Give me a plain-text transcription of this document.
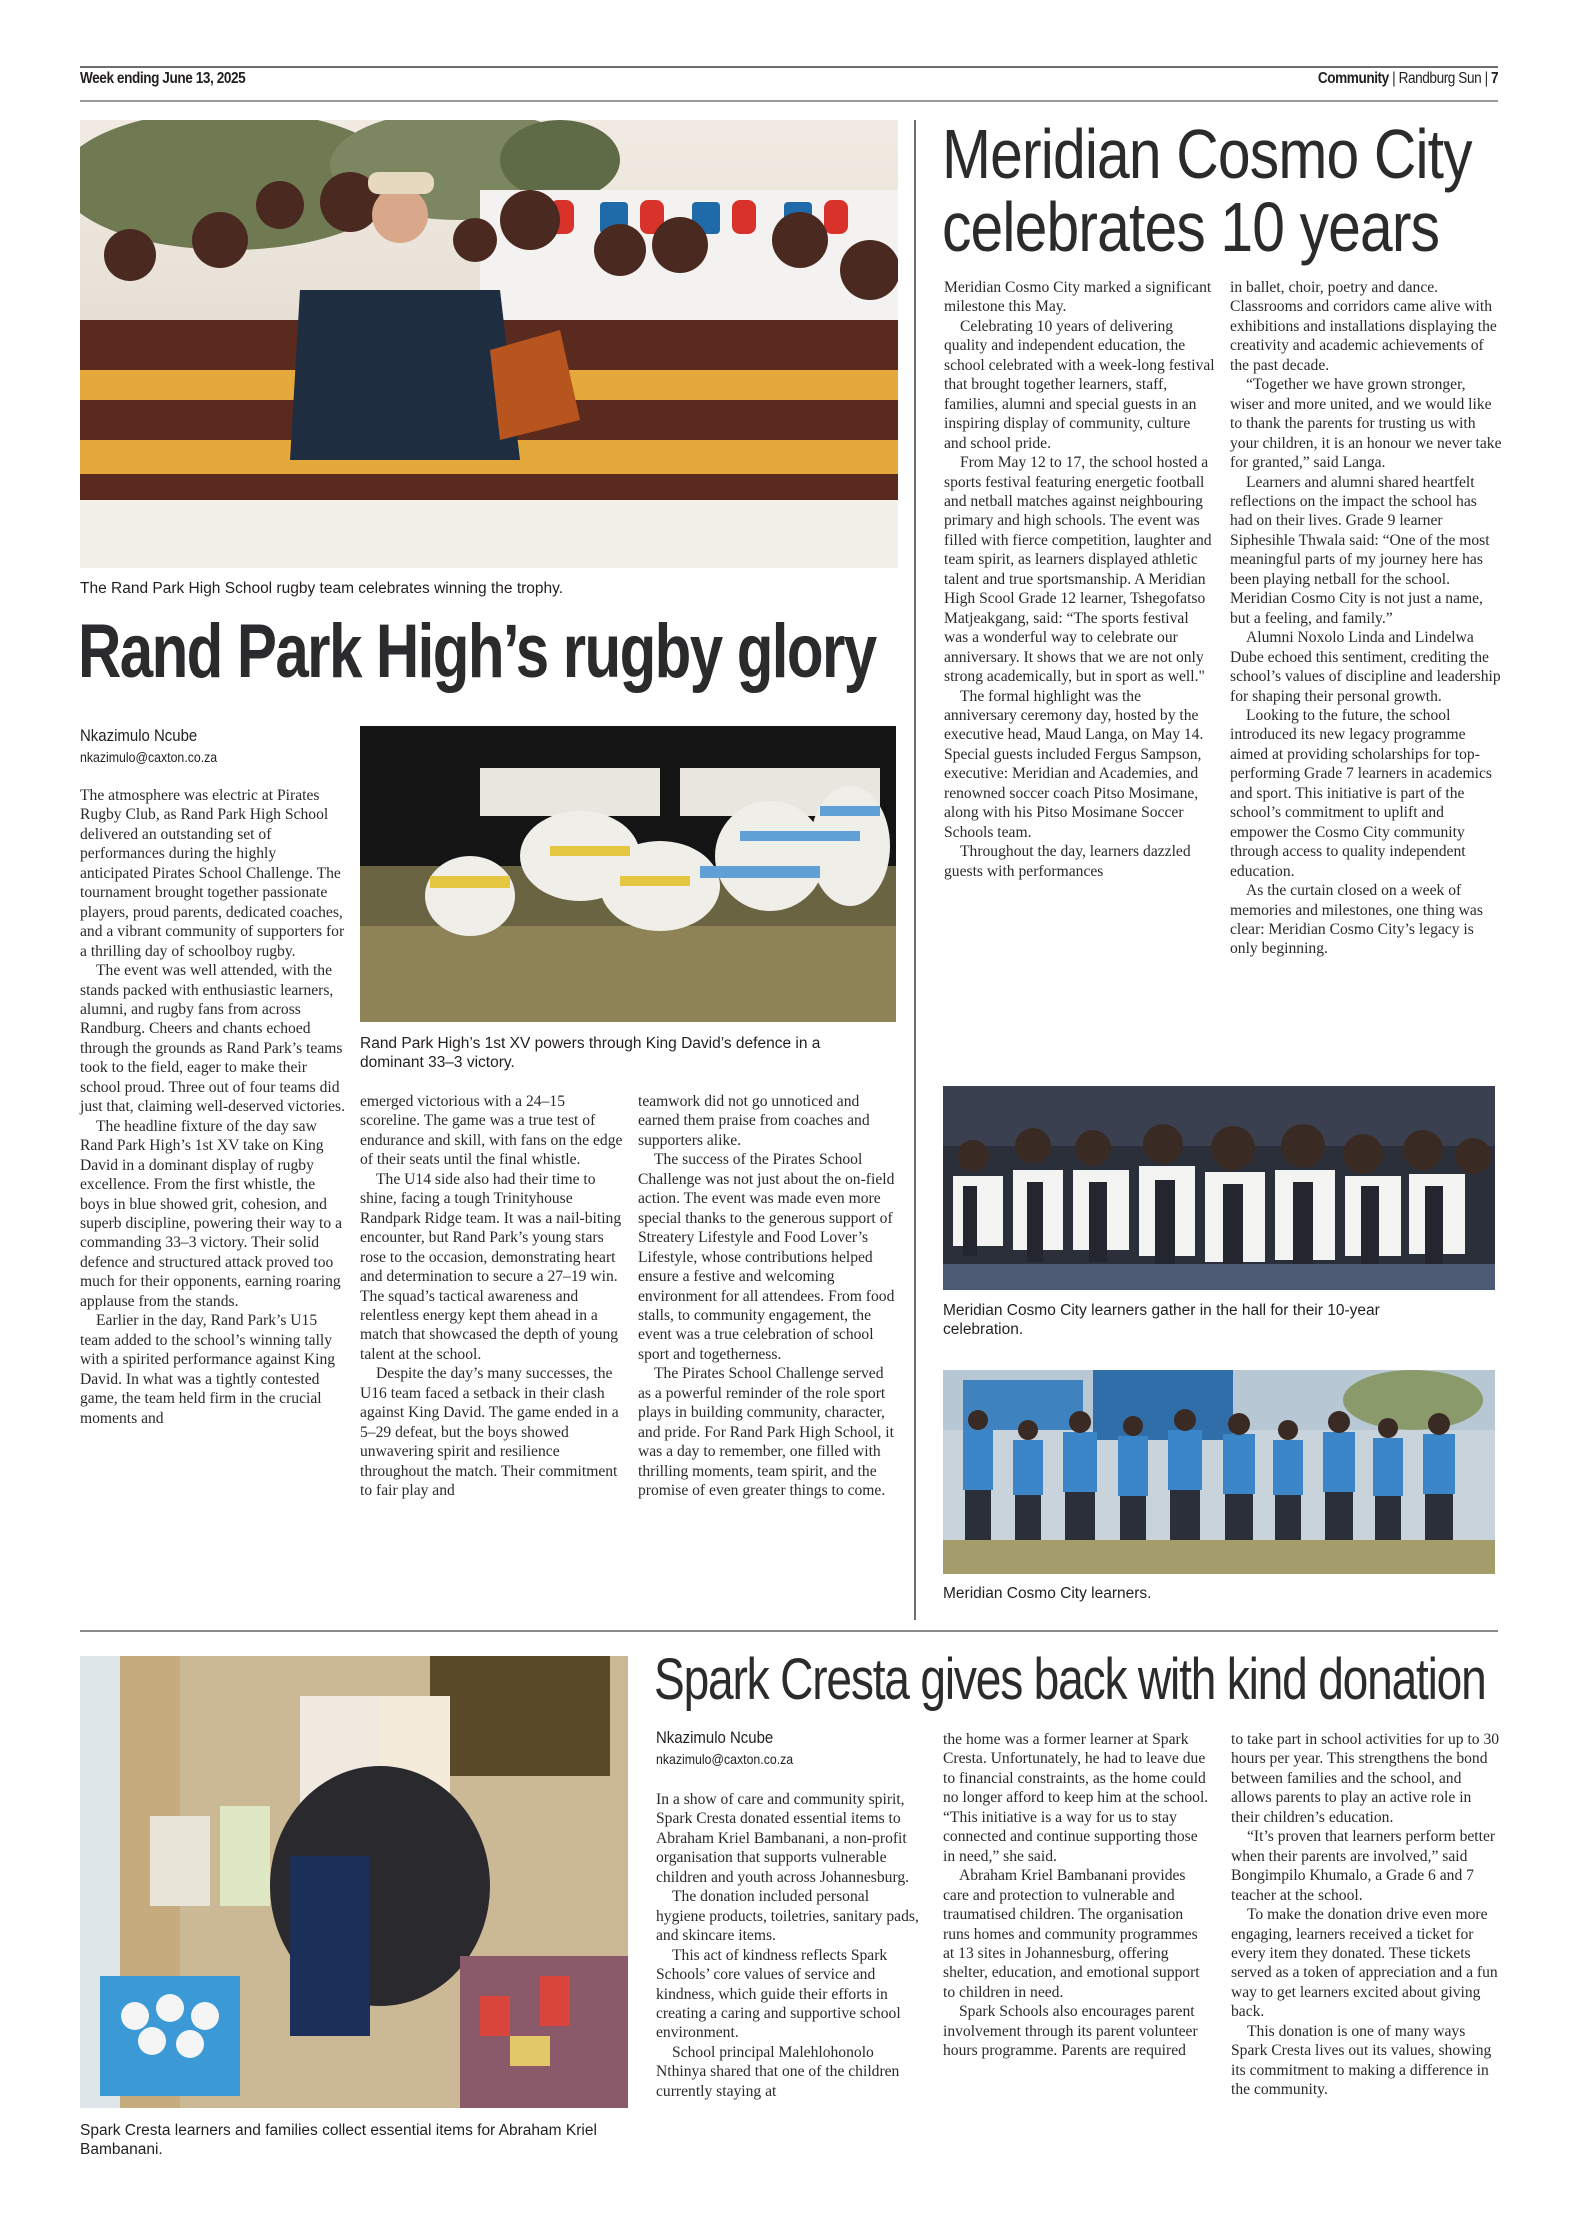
Week ending June 13, 2025	Community | Randburg Sun | 7
The Rand Park High School rugby team celebrates winning the trophy.
Rand Park High’s rugby glory
Nkazimulo Ncube
nkazimulo@caxton.co.za
Rand Park High’s 1st XV powers through King David’s defence in a dominant 33–3 victory.

The atmosphere was electric at Pirates Rugby Club, as Rand Park High School delivered an outstanding set of performances during the highly anticipated Pirates School Challenge. The tournament brought together passionate players, proud parents, dedicated coaches, and a vibrant community of supporters for a thrilling day of schoolboy rugby.

The event was well attended, with the stands packed with enthusiastic learners, alumni, and rugby fans from across Randburg. Cheers and chants echoed through the grounds as Rand Park’s teams took to the field, eager to make their school proud. Three out of four teams did just that, claiming well-deserved victories.

The headline fixture of the day saw Rand Park High’s 1st XV take on King David in a dominant display of rugby excellence. From the first whistle, the boys in blue showed grit, cohesion, and superb discipline, powering their way to a commanding 33–3 victory. Their solid defence and structured attack proved too much for their opponents, earning roaring applause from the stands.

Earlier in the day, Rand Park’s U15 team added to the school’s winning tally with a spirited performance against King David. In what was a tightly contested game, the team held firm in the crucial moments and

emerged victorious with a 24–15 scoreline. The game was a true test of endurance and skill, with fans on the edge of their seats until the final whistle.

The U14 side also had their time to shine, facing a tough Trinityhouse Randpark Ridge team. It was a nail-biting encounter, but Rand Park’s young stars rose to the occasion, demonstrating heart and determination to secure a 27–19 win. The squad’s tactical awareness and relentless energy kept them ahead in a match that showcased the depth of young talent at the school.

Despite the day’s many successes, the U16 team faced a setback in their clash against King David. The game ended in a 5–29 defeat, but the boys showed unwavering spirit and resilience throughout the match. Their commitment to fair play and

teamwork did not go unnoticed and earned them praise from coaches and supporters alike.

The success of the Pirates School Challenge was not just about the on-field action. The event was made even more special thanks to the generous support of Streatery Lifestyle and Food Lover’s Lifestyle, whose contributions helped ensure a festive and welcoming environment for all attendees. From food stalls, to community engagement, the event was a true celebration of school sport and togetherness.

The Pirates School Challenge served as a powerful reminder of the role sport plays in building community, character, and pride. For Rand Park High School, it was a day to remember, one filled with thrilling moments, team spirit, and the promise of even greater things to come.

Meridian Cosmo City
celebrates 10 years

Meridian Cosmo City marked a significant milestone this May.

Celebrating 10 years of delivering quality and independent education, the school celebrated with a week-long festival that brought together learners, staff, families, alumni and special guests in an inspiring display of community, culture and school pride.

From May 12 to 17, the school hosted a sports festival featuring energetic football and netball matches against neighbouring primary and high schools. The event was filled with fierce competition, laughter and team spirit, as learners displayed athletic talent and true sportsmanship. A Meridian High Scool Grade 12 learner, Tshegofatso Matjeakgang, said: “The sports festival was a wonderful way to celebrate our anniversary. It shows that we are not only strong academically, but in sport as well."

The formal highlight was the anniversary ceremony day, hosted by the executive head, Maud Langa, on May 14. Special guests included Fergus Sampson, executive: Meridian and Academies, and renowned soccer coach Pitso Mosimane, along with his Pitso Mosimane Soccer Schools team.

Throughout the day, learners dazzled guests with performances

in ballet, choir, poetry and dance. Classrooms and corridors came alive with exhibitions and installations displaying the creativity and academic achievements of the past decade.

“Together we have grown stronger, wiser and more united, and we would like to thank the parents for trusting us with your children, it is an honour we never take for granted,” said Langa.

Learners and alumni shared heartfelt reflections on the impact the school has had on their lives. Grade 9 learner Siphesihle Thwala said: “One of the most meaningful parts of my journey here has been playing netball for the school. Meridian Cosmo City is not just a name, but a feeling, and family.”

Alumni Noxolo Linda and Lindelwa Dube echoed this sentiment, crediting the school’s values of discipline and leadership for shaping their personal growth.

Looking to the future, the school introduced its new legacy programme aimed at providing scholarships for top-performing Grade 7 learners in academics and sport. This initiative is part of the school’s commitment to uplift and empower the Cosmo City community through access to quality independent education.

As the curtain closed on a week of memories and milestones, one thing was clear: Meridian Cosmo City’s legacy is only beginning.

Meridian Cosmo City learners gather in the hall for their 10-year celebration.
Meridian Cosmo City learners.
Spark Cresta learners and families collect essential items for Abraham Kriel Bambanani.
Spark Cresta gives back with kind donation
Nkazimulo Ncube
nkazimulo@caxton.co.za

In a show of care and community spirit, Spark Cresta donated essential items to Abraham Kriel Bambanani, a non-profit organisation that supports vulnerable children and youth across Johannesburg.

The donation included personal hygiene products, toiletries, sanitary pads, and skincare items.

This act of kindness reflects Spark Schools’ core values of service and kindness, which guide their efforts in creating a caring and supportive school environment.

School principal Malehlohonolo Nthinya shared that one of the children currently staying at

the home was a former learner at Spark Cresta. Unfortunately, he had to leave due to financial constraints, as the home could no longer afford to keep him at the school. “This initiative is a way for us to stay connected and continue supporting those in need,” she said.

Abraham Kriel Bambanani provides care and protection to vulnerable and traumatised children. The organisation runs homes and community programmes at 13 sites in Johannesburg, offering shelter, education, and emotional support to children in need.

Spark Schools also encourages parent involvement through its parent volunteer hours programme. Parents are required

to take part in school activities for up to 30 hours per year. This strengthens the bond between families and the school, and allows parents to play an active role in their children’s education.

“It’s proven that learners perform better when their parents are involved,” said Bongimpilo Khumalo, a Grade 6 and 7 teacher at the school.

To make the donation drive even more engaging, learners received a ticket for every item they donated. These tickets served as a token of appreciation and a fun way to get learners excited about giving back.

This donation is one of many ways Spark Cresta lives out its values, showing its commitment to making a difference in the community.
